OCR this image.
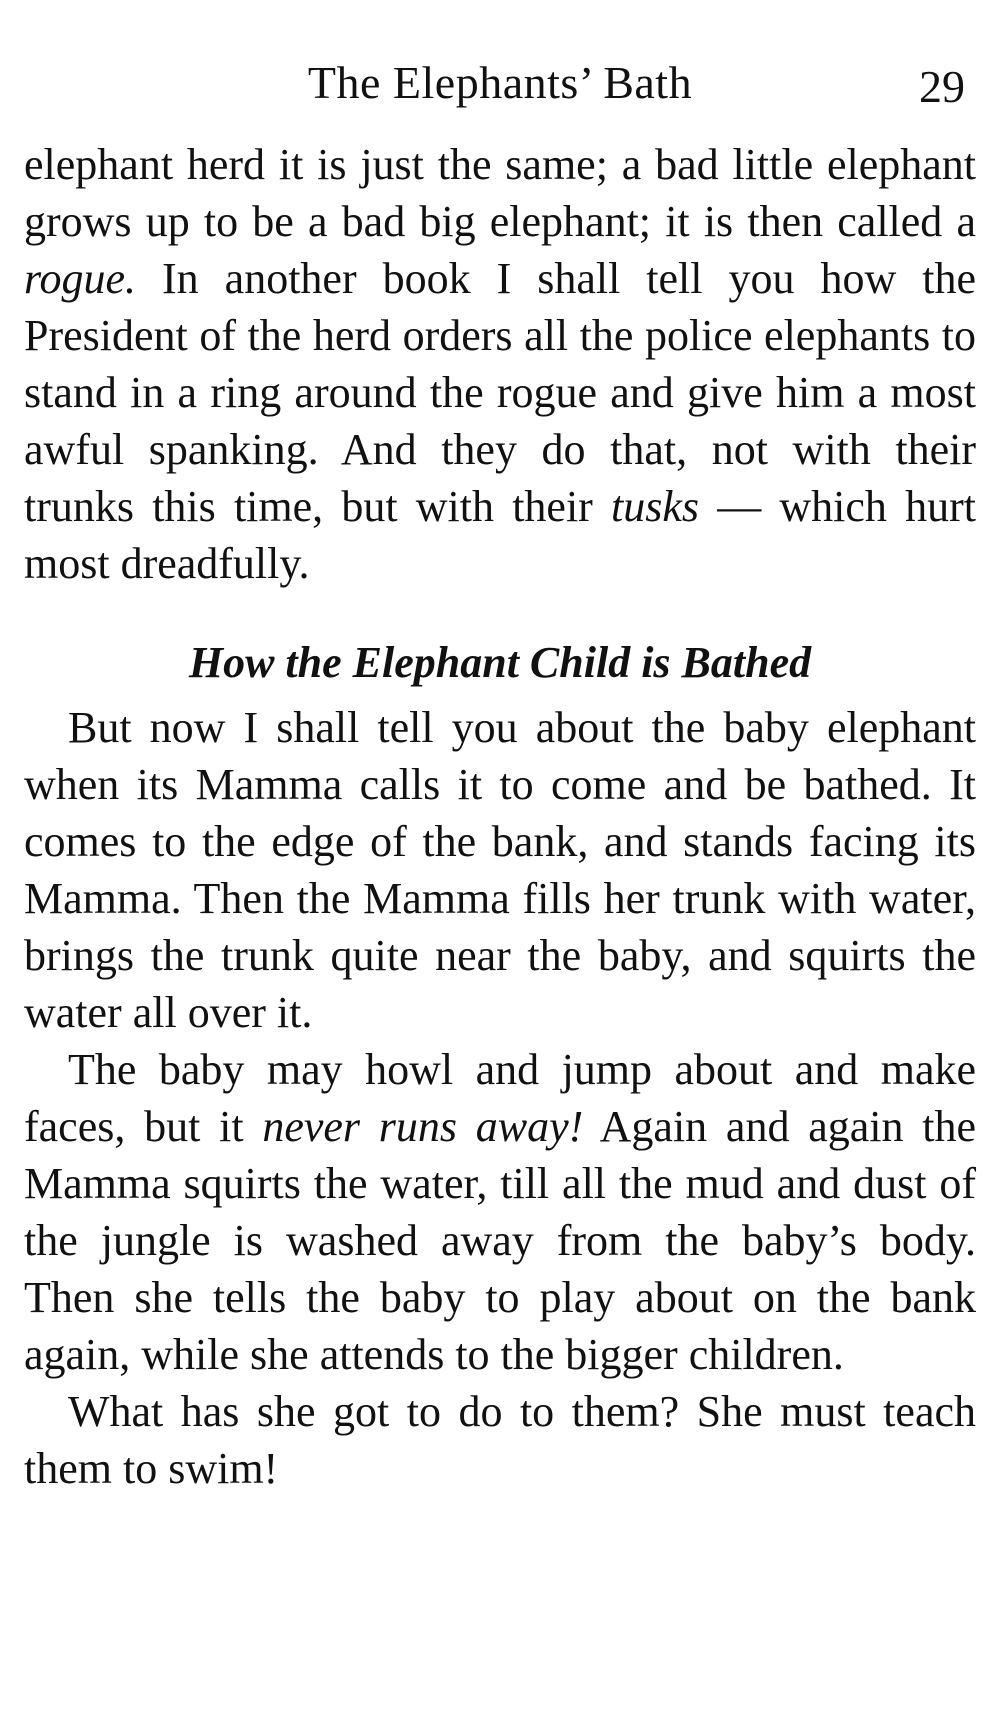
The Elephants’ Bath	29

elephant herd it is just the same; a bad little elephant grows up to be a bad big elephant; it is then called a rogue. In another book I shall tell you how the President of the herd orders all the police elephants to stand in a ring around the rogue and give him a most awful spanking. And they do that, not with their trunks this time, but with their tusks — which hurt most dreadfully.

How the Elephant Child is Bathed

But now I shall tell you about the baby elephant when its Mamma calls it to come and be bathed. It comes to the edge of the bank, and stands facing its Mamma. Then the Mamma fills her trunk with water, brings the trunk quite near the baby, and squirts the water all over it.

The baby may howl and jump about and make faces, but it never runs away! Again and again the Mamma squirts the water, till all the mud and dust of the jungle is washed away from the baby’s body. Then she tells the baby to play about on the bank again, while she attends to the bigger children.

What has she got to do to them? She must teach them to swim!
